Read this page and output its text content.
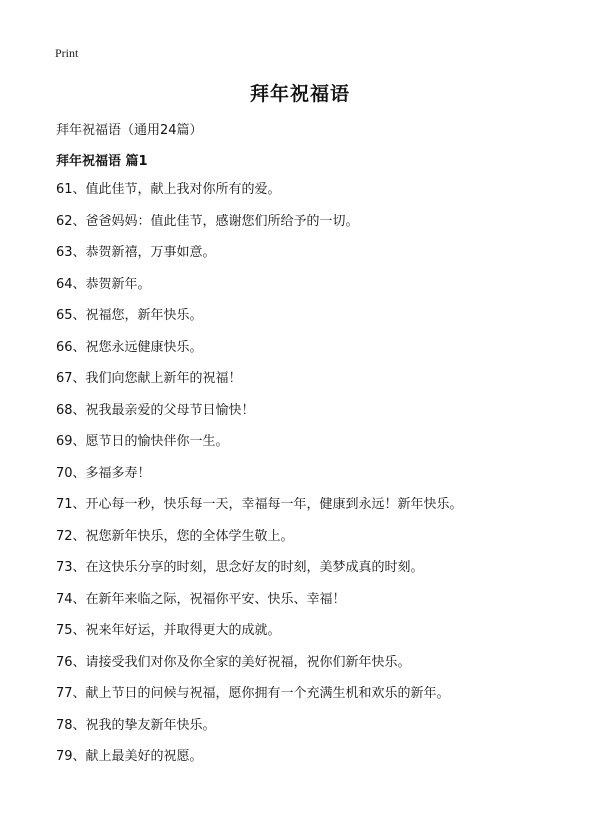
Print
拜年祝福语
拜年祝福语（通用24篇）
拜年祝福语 篇1
61、值此佳节，献上我对你所有的爱。
62、爸爸妈妈：值此佳节，感谢您们所给予的一切。
63、恭贺新禧，万事如意。
64、恭贺新年。
65、祝福您，新年快乐。
66、祝您永远健康快乐。
67、我们向您献上新年的祝福！
68、祝我最亲爱的父母节日愉快！
69、愿节日的愉快伴你一生。
70、多福多寿！
71、开心每一秒，快乐每一天，幸福每一年，健康到永远！新年快乐。
72、祝您新年快乐，您的全体学生敬上。
73、在这快乐分享的时刻，思念好友的时刻，美梦成真的时刻。
74、在新年来临之际，祝福你平安、快乐、幸福！
75、祝来年好运，并取得更大的成就。
76、请接受我们对你及你全家的美好祝福，祝你们新年快乐。
77、献上节日的问候与祝福，愿你拥有一个充满生机和欢乐的新年。
78、祝我的挚友新年快乐。
79、献上最美好的祝愿。
